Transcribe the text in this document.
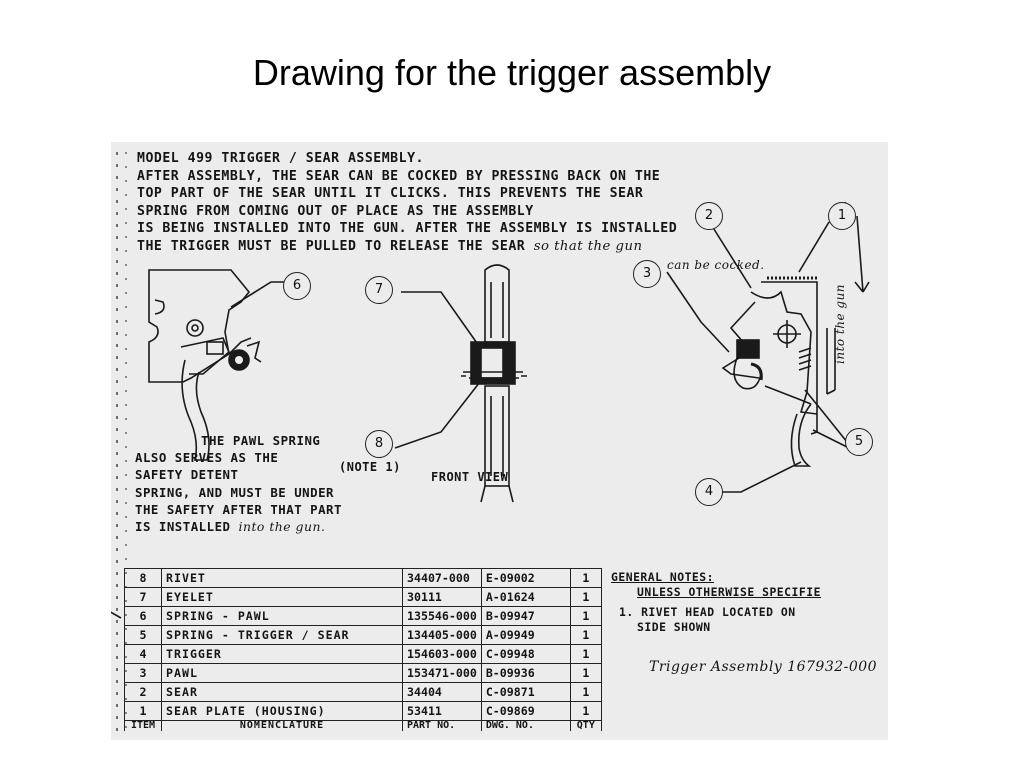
Drawing for the trigger assembly
1
2
3
4
5
6	7
8
MODEL 499 TRIGGER / SEAR ASSEMBLY.
AFTER ASSEMBLY, THE SEAR CAN BE COCKED BY PRESSING BACK ON THE
TOP PART OF THE SEAR UNTIL IT CLICKS. THIS PREVENTS THE SEAR
SPRING FROM COMING OUT OF PLACE AS THE ASSEMBLY
IS BEING INSTALLED INTO THE GUN. AFTER THE ASSEMBLY IS INSTALLED
THE TRIGGER MUST BE PULLED TO RELEASE THE SEAR so that the gun
can be cocked.
into the gun
THE PAWL SPRING
ALSO SERVES AS THE
SAFETY DETENT
SPRING, AND MUST BE UNDER
THE SAFETY AFTER THAT PART
IS INSTALLED into the gun.
(NOTE 1)
FRONT VIEW
8	RIVET	34407-000	E-09002	1
7	EYELET	30111	A-01624	1
6	SPRING - PAWL	135546-000	B-09947	1
5	SPRING - TRIGGER / SEAR	134405-000	A-09949	1
4	TRIGGER	154603-000	C-09948	1
3	PAWL	153471-000	B-09936	1
2	SEAR	34404	C-09871	1
1	SEAR PLATE (HOUSING)	53411	C-09869	1
ITEM	NOMENCLATURE	PART NO.	DWG. NO.	QTY
GENERAL NOTES:
UNLESS OTHERWISE SPECIFIE
1. RIVET HEAD LOCATED ON
SIDE SHOWN
Trigger Assembly 167932-000
